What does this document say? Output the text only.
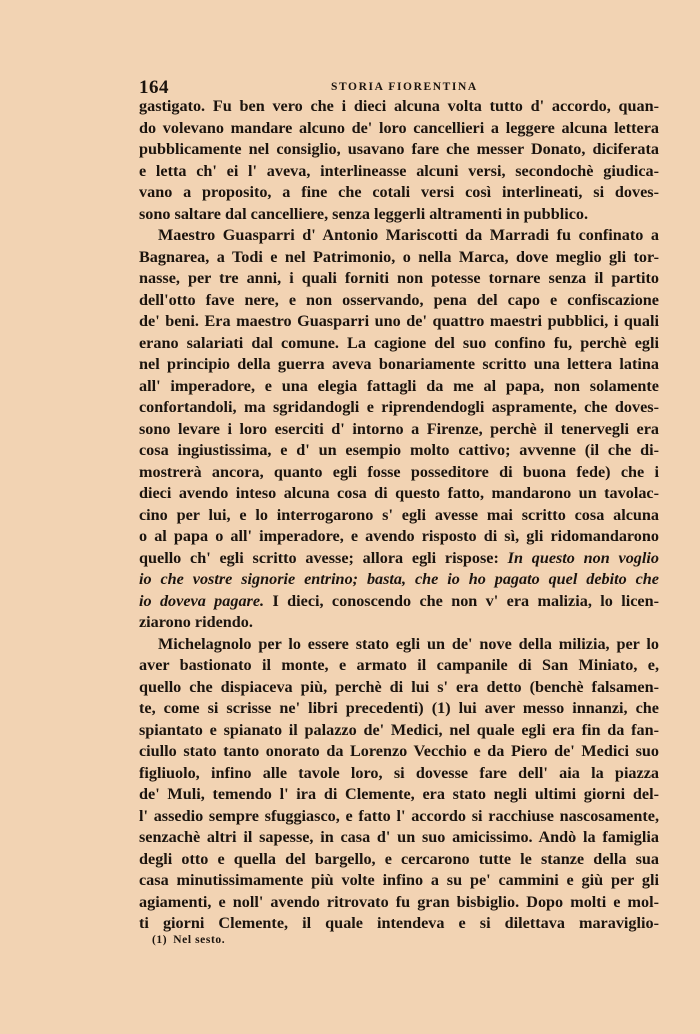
164	STORIA FIORENTINA
gastigato. Fu ben vero che i dieci alcuna volta tutto d' accordo, quan-
do volevano mandare alcuno de' loro cancellieri a leggere alcuna lettera
pubblicamente nel consiglio, usavano fare che messer Donato, diciferata
e letta ch' ei l' aveva, interlineasse alcuni versi, secondochè giudica-
vano a proposito, a fine che cotali versi così interlineati, si doves-
sono saltare dal cancelliere, senza leggerli altramenti in pubblico.
Maestro Guasparri d' Antonio Mariscotti da Marradi fu confinato a
Bagnarea, a Todi e nel Patrimonio, o nella Marca, dove meglio gli tor-
nasse, per tre anni, i quali forniti non potesse tornare senza il partito
dell'otto fave nere, e non osservando, pena del capo e confiscazione
de' beni. Era maestro Guasparri uno de' quattro maestri pubblici, i quali
erano salariati dal comune. La cagione del suo confino fu, perchè egli
nel principio della guerra aveva bonariamente scritto una lettera latina
all' imperadore, e una elegia fattagli da me al papa, non solamente
confortandoli, ma sgridandogli e riprendendogli aspramente, che doves-
sono levare i loro eserciti d' intorno a Firenze, perchè il tenervegli era
cosa ingiustissima, e d' un esempio molto cattivo; avvenne (il che di-
mostrerà ancora, quanto egli fosse posseditore di buona fede) che i
dieci avendo inteso alcuna cosa di questo fatto, mandarono un tavolac-
cino per lui, e lo interrogarono s' egli avesse mai scritto cosa alcuna
o al papa o all' imperadore, e avendo risposto di sì, gli ridomandarono
quello ch' egli scritto avesse; allora egli rispose: In questo non voglio
io che vostre signorie entrino; basta, che io ho pagato quel debito che
io doveva pagare. I dieci, conoscendo che non v' era malizia, lo licen-
ziarono ridendo.
Michelagnolo per lo essere stato egli un de' nove della milizia, per lo
aver bastionato il monte, e armato il campanile di San Miniato, e,
quello che dispiaceva più, perchè di lui s' era detto (benchè falsamen-
te, come si scrisse ne' libri precedenti) (1) lui aver messo innanzi, che
spiantato e spianato il palazzo de' Medici, nel quale egli era fin da fan-
ciullo stato tanto onorato da Lorenzo Vecchio e da Piero de' Medici suo
figliuolo, infino alle tavole loro, si dovesse fare dell' aia la piazza
de' Muli, temendo l' ira di Clemente, era stato negli ultimi giorni del-
l' assedio sempre sfuggiasco, e fatto l' accordo si racchiuse nascosamente,
senzachè altri il sapesse, in casa d' un suo amicissimo. Andò la famiglia
degli otto e quella del bargello, e cercarono tutte le stanze della sua
casa minutissimamente più volte infino a su pe' cammini e giù per gli
agiamenti, e noll' avendo ritrovato fu gran bisbiglio. Dopo molti e mol-
ti giorni Clemente, il quale intendeva e si dilettava maraviglio-
(1) Nel sesto.
